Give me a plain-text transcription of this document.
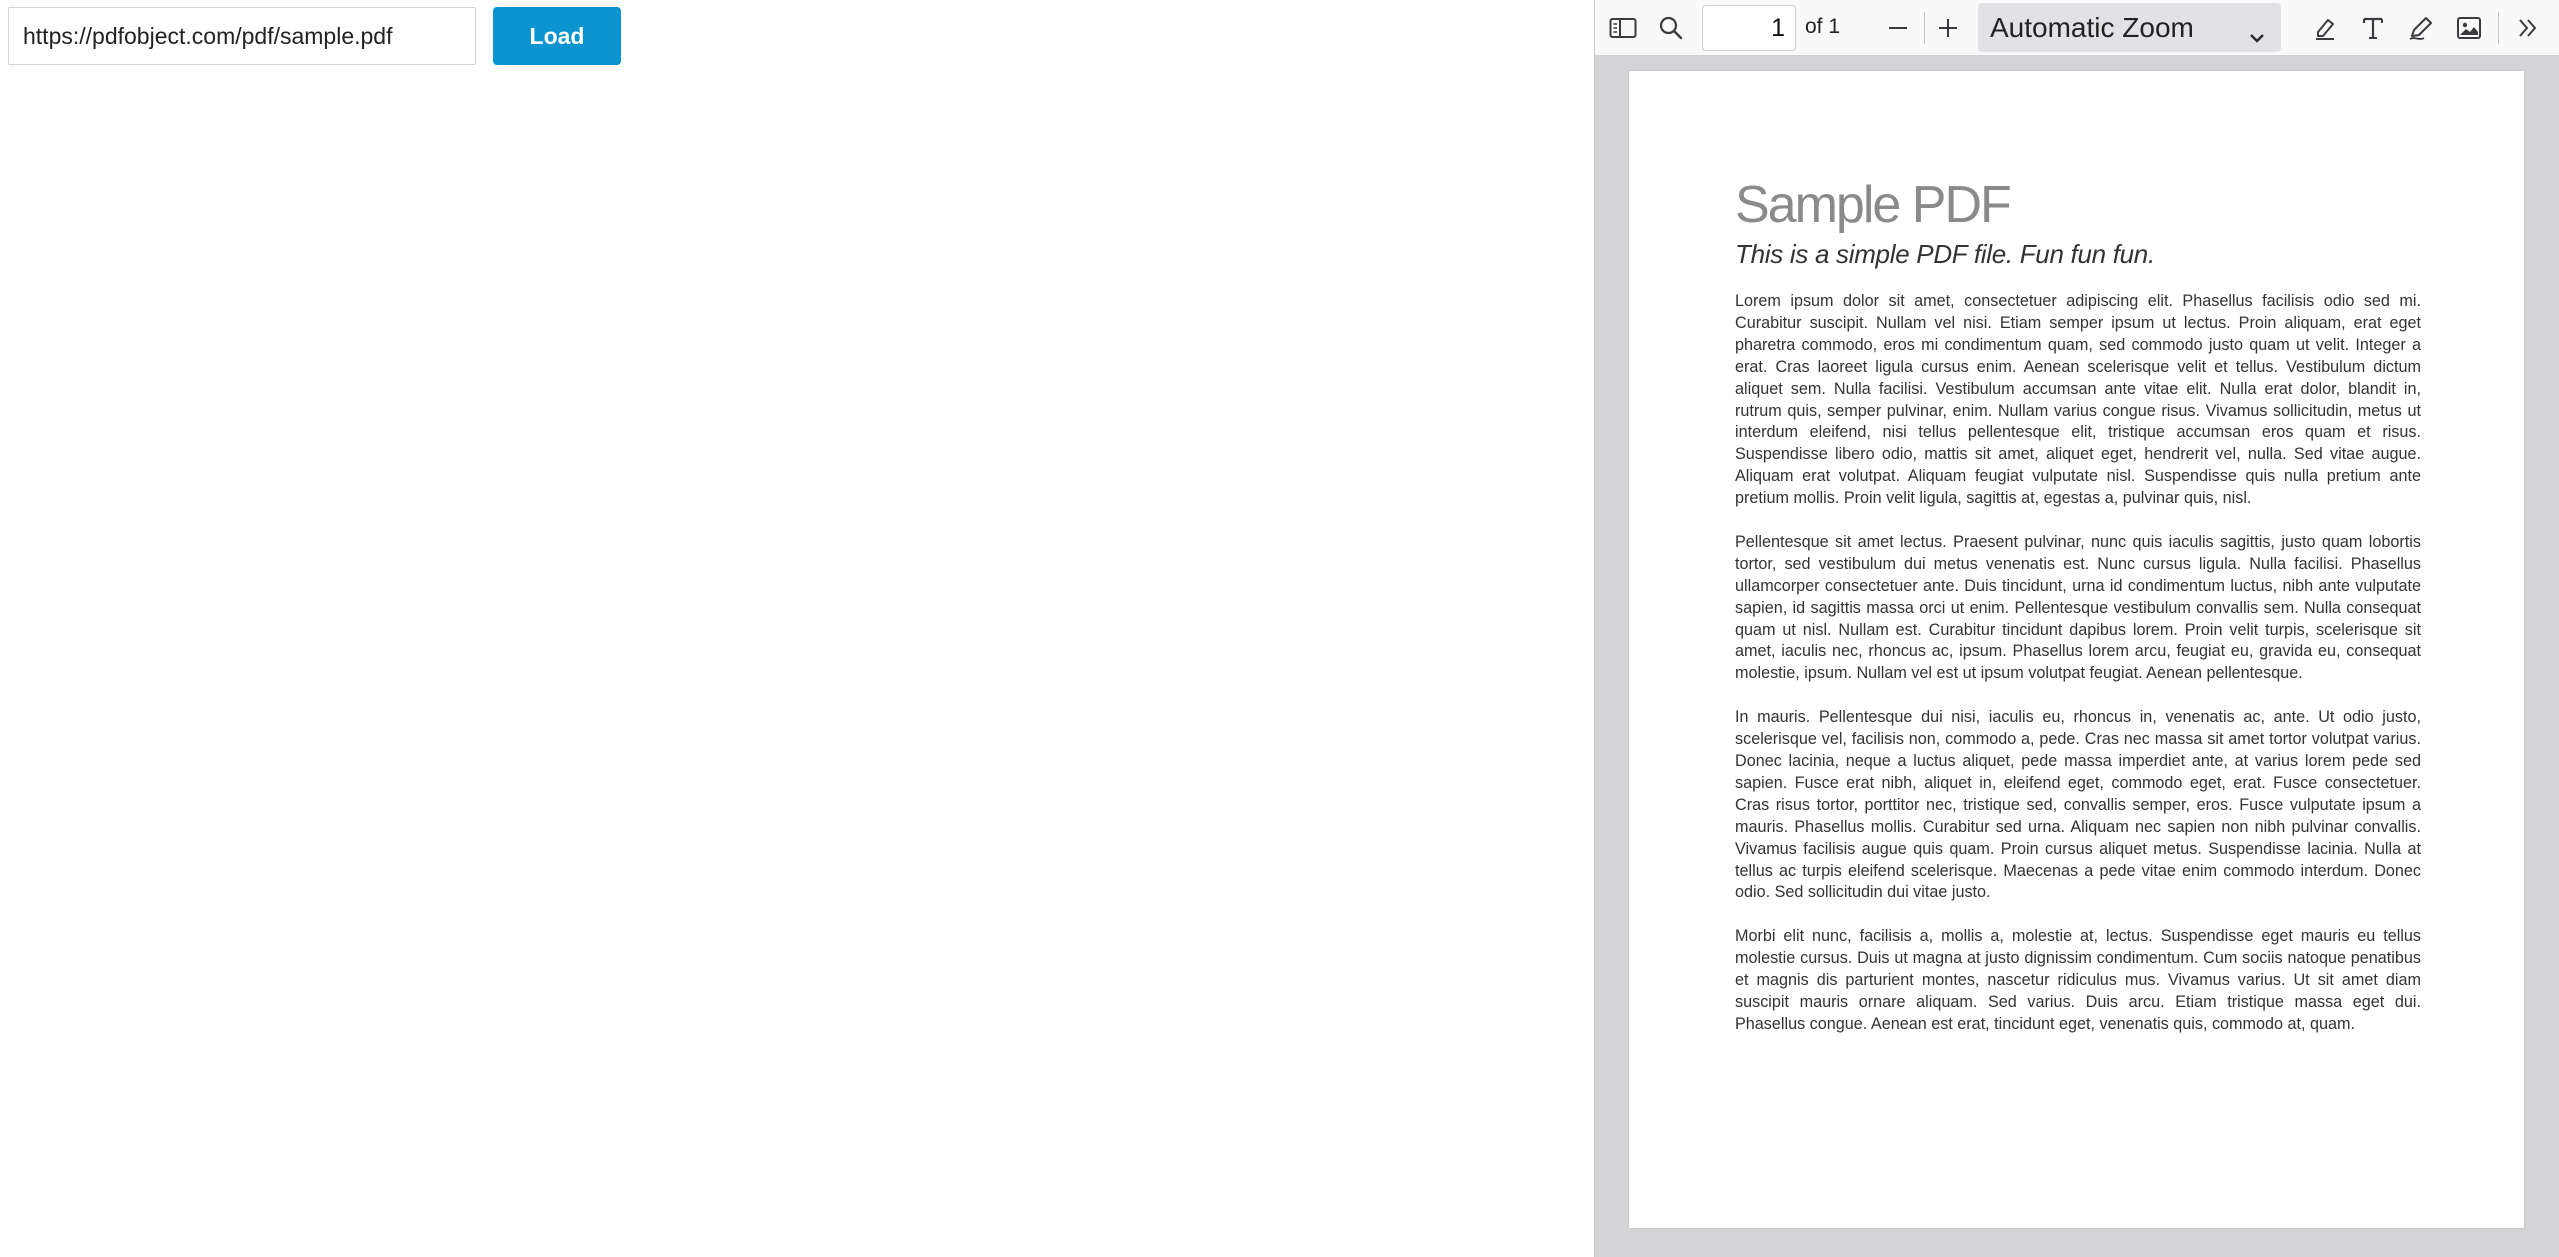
https://pdfobject.com/pdf/sample.pdf
Load
1	of 1	Automatic Zoom
Sample PDF

This is a simple PDF file. Fun fun fun.

Lorem ipsum dolor sit amet, consectetuer adipiscing elit. Phasellus facilisis odio sed mi. Curabitur suscipit. Nullam vel nisi. Etiam semper ipsum ut lectus. Proin aliquam, erat eget pharetra commodo, eros mi condimentum quam, sed commodo justo quam ut velit. Integer a erat. Cras laoreet ligula cursus enim. Aenean scelerisque velit et tellus. Vestibulum dictum aliquet sem. Nulla facilisi. Vestibulum accumsan ante vitae elit. Nulla erat dolor, blandit in, rutrum quis, semper pulvinar, enim. Nullam varius congue risus. Vivamus sollicitudin, metus ut interdum eleifend, nisi tellus pellentesque elit, tristique accumsan eros quam et risus. Suspendisse libero odio, mattis sit amet, aliquet eget, hendrerit vel, nulla. Sed vitae augue. Aliquam erat volutpat. Aliquam feugiat vulputate nisl. Suspendisse quis nulla pretium ante pretium mollis. Proin velit ligula, sagittis at, egestas a, pulvinar quis, nisl.

Pellentesque sit amet lectus. Praesent pulvinar, nunc quis iaculis sagittis, justo quam lobortis tortor, sed vestibulum dui metus venenatis est. Nunc cursus ligula. Nulla facilisi. Phasellus ullamcorper consectetuer ante. Duis tincidunt, urna id condimentum luctus, nibh ante vulputate sapien, id sagittis massa orci ut enim. Pellentesque vestibulum convallis sem. Nulla consequat quam ut nisl. Nullam est. Curabitur tincidunt dapibus lorem. Proin velit turpis, scelerisque sit amet, iaculis nec, rhoncus ac, ipsum. Phasellus lorem arcu, feugiat eu, gravida eu, consequat molestie, ipsum. Nullam vel est ut ipsum volutpat feugiat. Aenean pellentesque.

In mauris. Pellentesque dui nisi, iaculis eu, rhoncus in, venenatis ac, ante. Ut odio justo, scelerisque vel, facilisis non, commodo a, pede. Cras nec massa sit amet tortor volutpat varius. Donec lacinia, neque a luctus aliquet, pede massa imperdiet ante, at varius lorem pede sed sapien. Fusce erat nibh, aliquet in, eleifend eget, commodo eget, erat. Fusce consectetuer. Cras risus tortor, porttitor nec, tristique sed, convallis semper, eros. Fusce vulputate ipsum a mauris. Phasellus mollis. Curabitur sed urna. Aliquam nec sapien non nibh pulvinar convallis. Vivamus facilisis augue quis quam. Proin cursus aliquet metus. Suspendisse lacinia. Nulla at tellus ac turpis eleifend scelerisque. Maecenas a pede vitae enim commodo interdum. Donec odio. Sed sollicitudin dui vitae justo.

Morbi elit nunc, facilisis a, mollis a, molestie at, lectus. Suspendisse eget mauris eu tellus molestie cursus. Duis ut magna at justo dignissim condimentum. Cum sociis natoque penatibus et magnis dis parturient montes, nascetur ridiculus mus. Vivamus varius. Ut sit amet diam suscipit mauris ornare aliquam. Sed varius. Duis arcu. Etiam tristique massa eget dui. Phasellus congue. Aenean est erat, tincidunt eget, venenatis quis, commodo at, quam.
